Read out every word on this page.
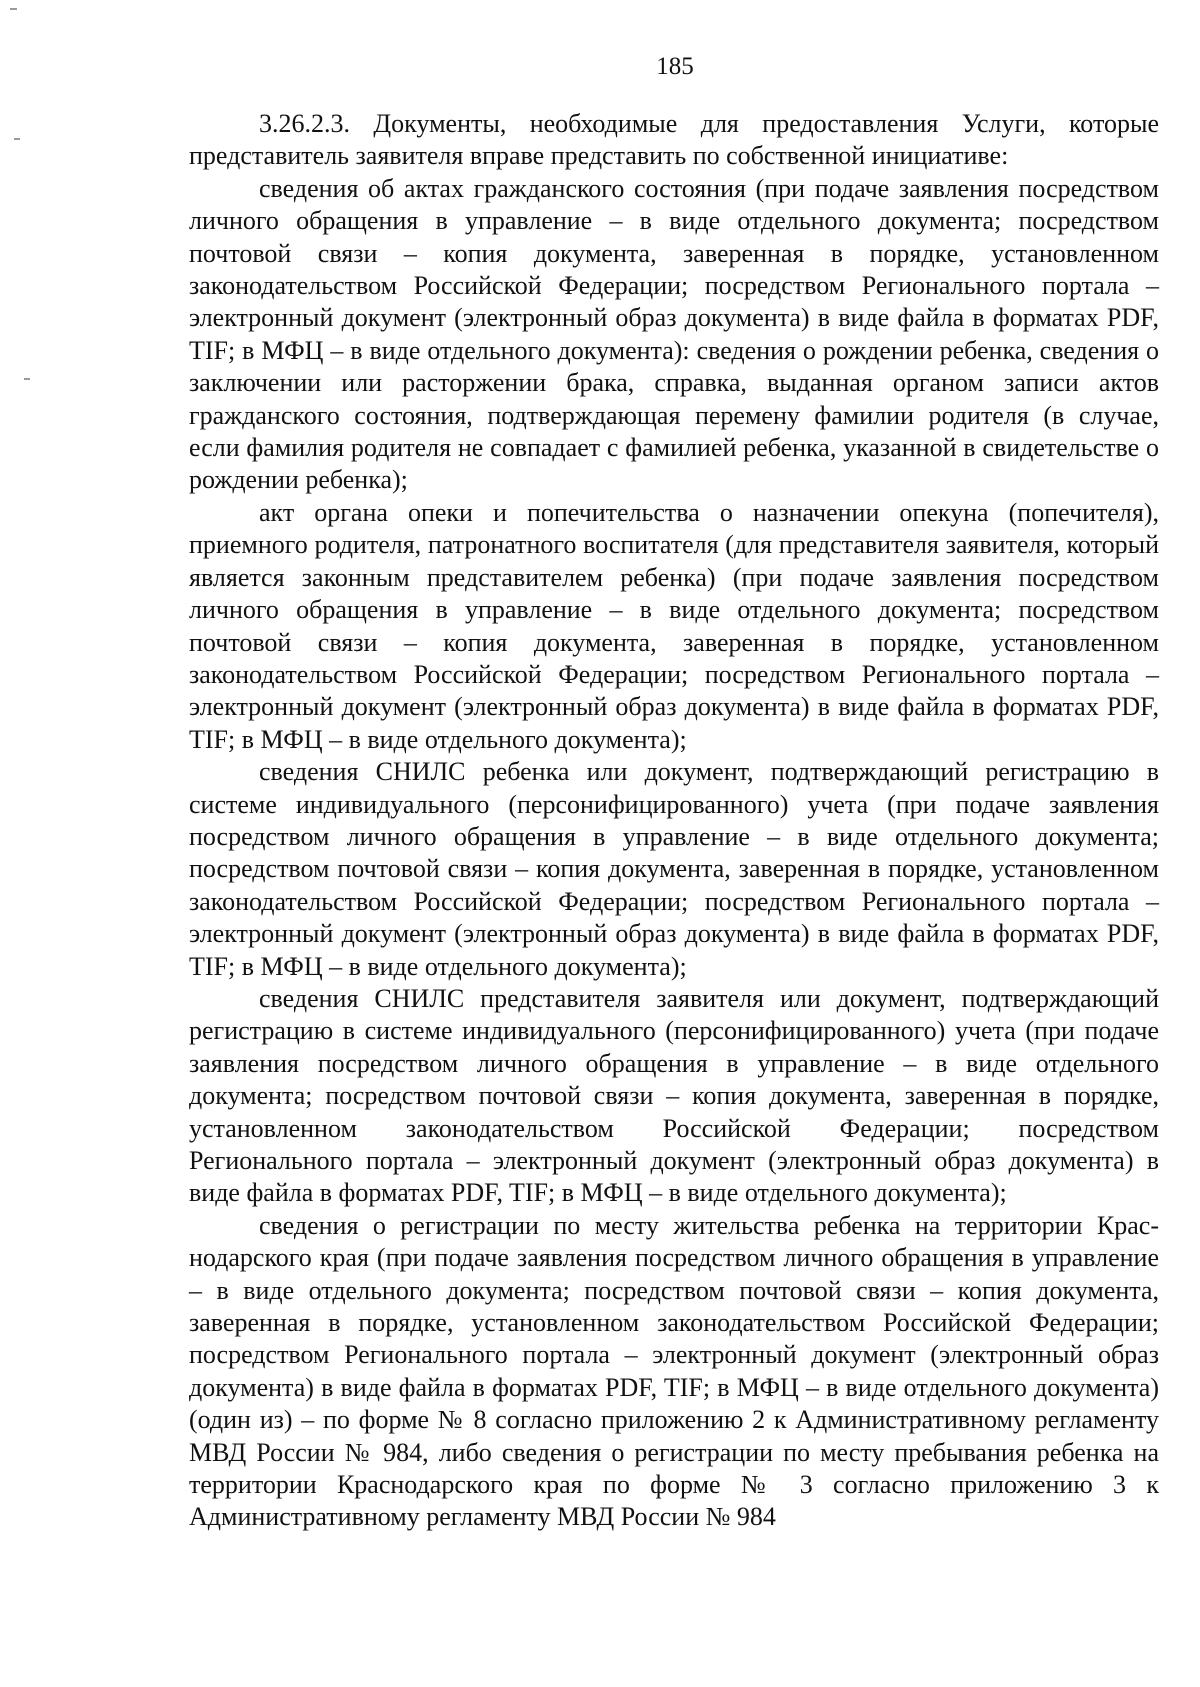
185

3.26.2.3. Документы, необходимые для предоставления Услуги, которые представитель заявителя вправе представить по собственной инициативе:

сведения об актах гражданского состояния (при подаче заявления посредством личного обращения в управление – в виде отдельного документа; посредством почтовой связи – копия документа, заверенная в порядке, установленном законодательством Российской Федерации; посредством Регионального портала – электронный документ (электронный образ документа) в виде файла в форматах PDF, TIF; в МФЦ – в виде отдельного документа): сведения о рождении ребенка, сведения о заключении или расторжении брака, справка, выданная органом записи актов гражданского состояния, подтверждающая перемену фамилии родителя (в случае, если фамилия родителя не совпадает с фамилией ребенка, указанной в свидетельстве о рождении ребенка);

акт органа опеки и попечительства о назначении опекуна (попечителя), приемного родителя, патронатного воспитателя (для представителя заявителя, который является законным представителем ребенка) (при подаче заявления посредством личного обращения в управление – в виде отдельного документа; посредством почтовой связи – копия документа, заверенная в порядке, установленном законодательством Российской Федерации; посредством Регионального портала – электронный документ (электронный образ документа) в виде файла в форматах PDF, TIF; в МФЦ – в виде отдельного документа);

сведения СНИЛС ребенка или документ, подтверждающий регистрацию в системе индивидуального (персонифицированного) учета (при подаче заявления посредством личного обращения в управление – в виде отдельного документа; посредством почтовой связи – копия документа, заверенная в порядке, установленном законодательством Российской Федерации; посредством Регионального портала – электронный документ (электронный образ документа) в виде файла в форматах PDF, TIF; в МФЦ – в виде отдельного документа);

сведения СНИЛС представителя заявителя или документ, подтверждающий регистрацию в системе индивидуального (персонифицированного) учета (при подаче заявления посредством личного обращения в управление – в виде отдельного документа; посредством почтовой связи – копия документа, заверенная в порядке, установленном законодательством Российской Федерации; посредством Регионального портала – электронный документ (электронный образ документа) в виде файла в форматах PDF, TIF; в МФЦ – в виде отдельного документа);

сведения о регистрации по месту жительства ребенка на территории Краснодарского края (при подаче заявления посредством личного обращения в управление – в виде отдельного документа; посредством почтовой связи – копия документа, заверенная в порядке, установленном законодательством Российской Федерации; посредством Регионального портала – электронный документ (электронный образ документа) в виде файла в форматах PDF, TIF; в МФЦ – в виде отдельного документа) (один из) – по форме № 8 согласно приложению 2 к Административному регламенту МВД России № 984, либо сведения о регистрации по месту пребывания ребенка на территории Краснодарского края по форме № 3 согласно приложению 3 к Административному регламенту МВД России № 984
